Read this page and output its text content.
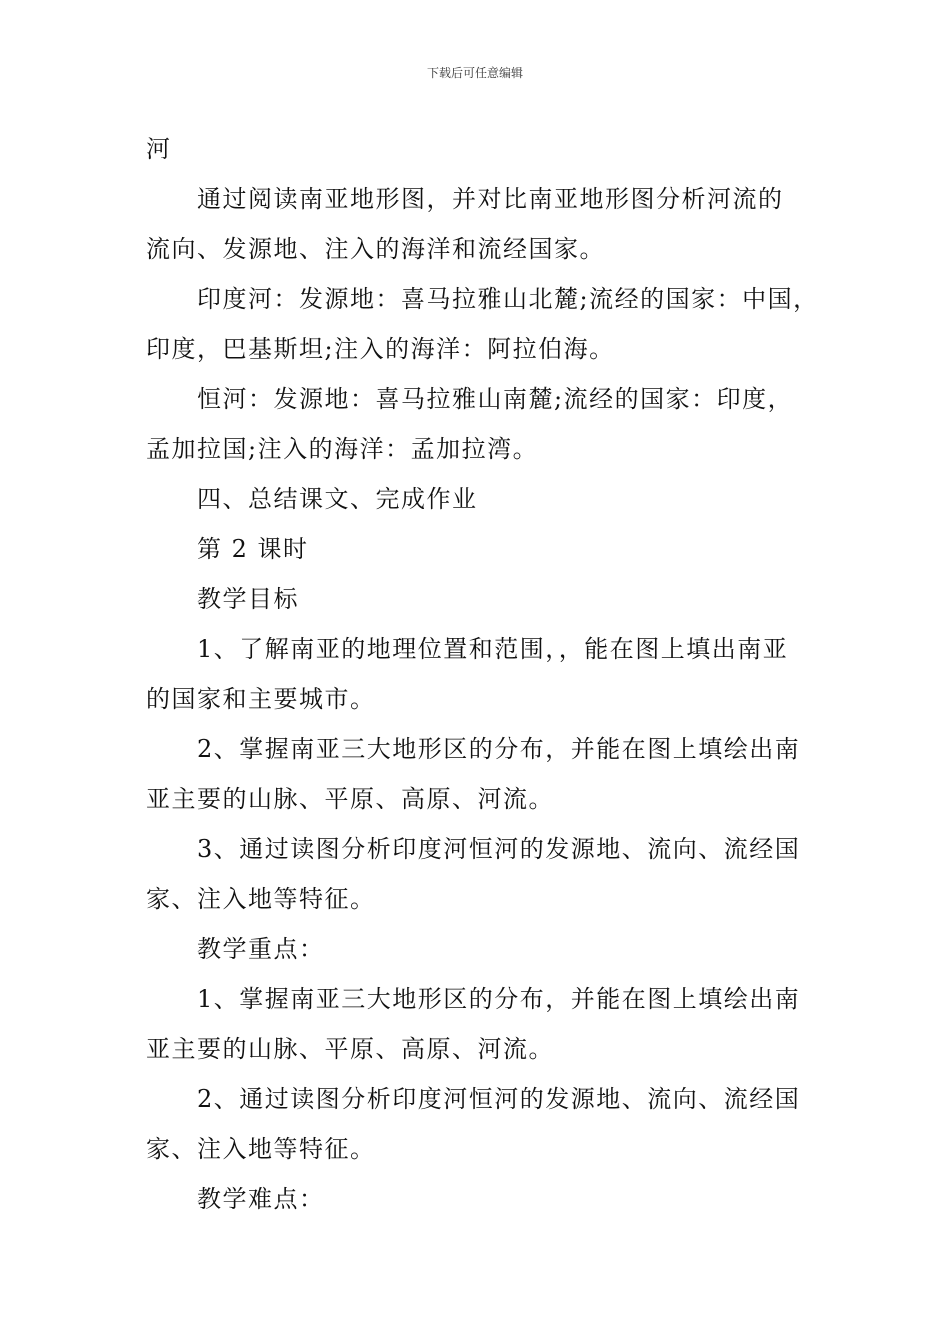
下载后可任意编辑
河
通过阅读南亚地形图，并对比南亚地形图分析河流的
流向、发源地、注入的海洋和流经国家。
印度河：发源地：喜马拉雅山北麓;流经的国家：中国，
印度，巴基斯坦;注入的海洋：阿拉伯海。
恒河：发源地：喜马拉雅山南麓;流经的国家：印度，
孟加拉国;注入的海洋：孟加拉湾。
四、总结课文、完成作业
第 2 课时
教学目标
1、了解南亚的地理位置和范围，，能在图上填出南亚
的国家和主要城市。
2、掌握南亚三大地形区的分布，并能在图上填绘出南
亚主要的山脉、平原、高原、河流。
3、通过读图分析印度河恒河的发源地、流向、流经国
家、注入地等特征。
教学重点：
1、掌握南亚三大地形区的分布，并能在图上填绘出南
亚主要的山脉、平原、高原、河流。
2、通过读图分析印度河恒河的发源地、流向、流经国
家、注入地等特征。
教学难点：
